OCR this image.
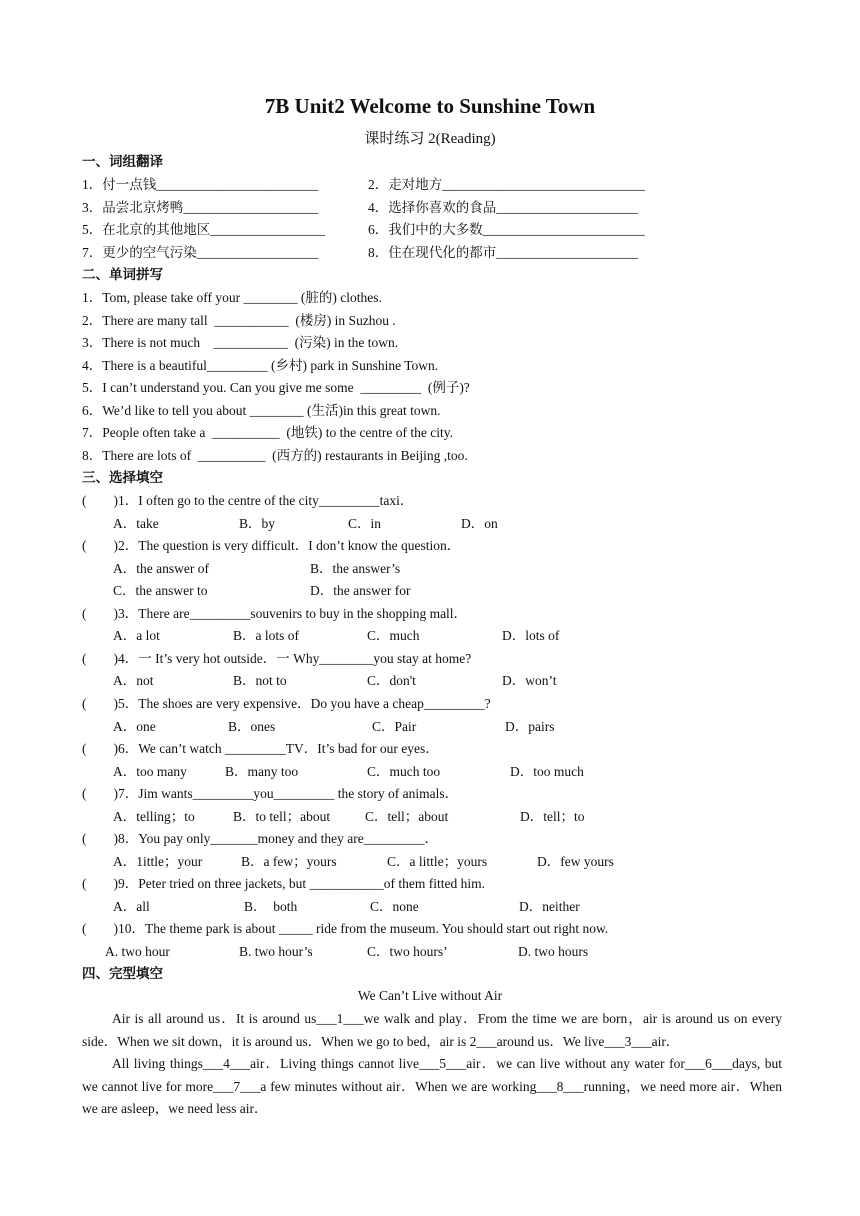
7B Unit2 Welcome to Sunshine Town
课时练习 2(Reading)
一、词组翻译
1．付一点钱________________________	2．走对地方______________________________
3．品尝北京烤鸭____________________	4．选择你喜欢的食品_____________________
5．在北京的其他地区_________________	6．我们中的大多数________________________
7．更少的空气污染__________________	8．住在现代化的都市_____________________
二、单词拼写
1．Tom, please take off your ________ (脏的) clothes.
2．There are many tall  ___________  (楼房) in Suzhou .
3．There is not much    ___________  (污染) in the town.
4．There is a beautiful_________ (乡村) park in Sunshine Town.
5．I can’t understand you. Can you give me some  _________  (例子)?
6．We’d like to tell you about ________ (生活)in this great town.
7．People often take a  __________  (地铁) to the centre of the city.
8．There are lots of  __________  (西方的) restaurants in Beijing ,too.
三、选择填空
(        )1．I often go to the centre of the city_________taxi．
A．take	B．by	C．in	D．on
(        )2．The question is very difficult．I don’t know the question．
A．the answer of	B．the answer’s
C．the answer to	D．the answer for
(        )3．There are_________souvenirs to buy in the shopping mall．
A．a lot	B．a lots of	C．much	D．lots of
(        )4．一 It’s very hot outside．一 Why________you stay at home?
A．not	B．not to	C．don't	D．won’t
(        )5．The shoes are very expensive．Do you have a cheap_________?
A．one	B．ones	C．Pair	D．pairs
(        )6．We can’t watch _________TV．It’s bad for our eyes．
A．too many	B．many too	C．much too	D．too much
(        )7．Jim wants_________you_________ the story of animals．
A．telling；to	B．to tell；about	C．tell；about	D．tell；to
(        )8．You pay only_______money and they are_________．
A．1ittle；your	B．a few；yours	C．a little；yours	D．few yours
(        )9．Peter tried on three jackets, but ___________of them fitted him.
A．all	B．  both	C．none	D．neither
(        )10．The theme park is about _____ ride from the museum. You should start out right now.
A. two hour	B. two hour’s	C．two hours’	D. two hours
四、完型填空
We Can’t Live without Air
Air is all around us．It is around us___1___we walk and play．From the time we are born，air is around us on every side．When we sit down，it is around us．When we go to bed，air is 2___around us．We live___3___air．
All living things___4___air．Living things cannot live___5___air．we can live without any water for___6___days, but we cannot live for more___7___a few minutes without air．When we are working___8___running，we need more air．When we are asleep，we need less air．
